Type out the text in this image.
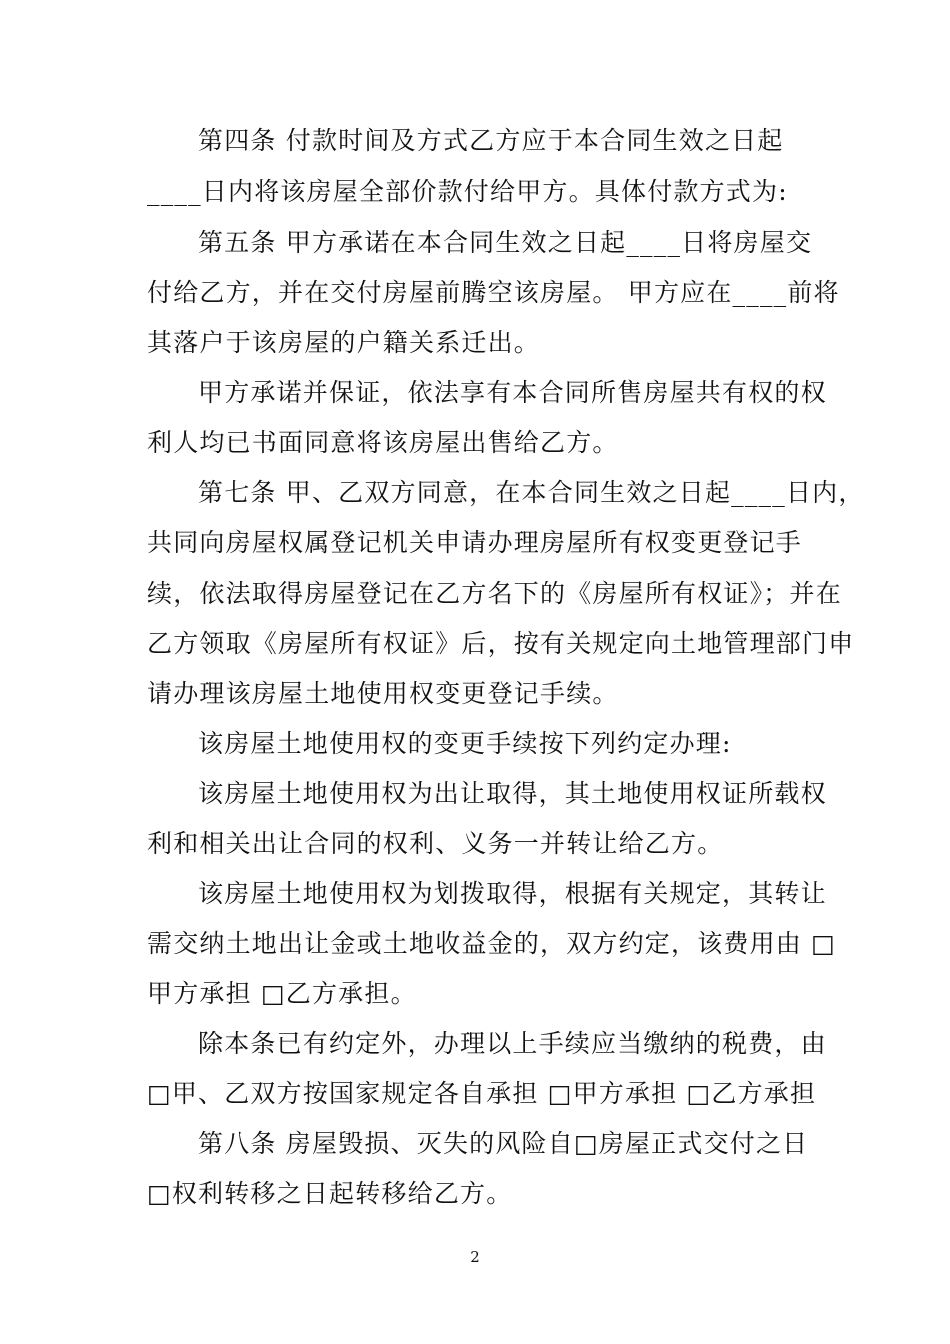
第四条 付款时间及方式乙方应于本合同生效之日起
____日内将该房屋全部价款付给甲方。具体付款方式为:
第五条 甲方承诺在本合同生效之日起____日将房屋交
付给乙方，并在交付房屋前腾空该房屋。 甲方应在____前将
其落户于该房屋的户籍关系迁出。
甲方承诺并保证，依法享有本合同所售房屋共有权的权
利人均已书面同意将该房屋出售给乙方。
第七条 甲、乙双方同意，在本合同生效之日起____日内，
共同向房屋权属登记机关申请办理房屋所有权变更登记手
续，依法取得房屋登记在乙方名下的《房屋所有权证》；并在
乙方领取《房屋所有权证》后，按有关规定向土地管理部门申
请办理该房屋土地使用权变更登记手续。
该房屋土地使用权的变更手续按下列约定办理:
该房屋土地使用权为出让取得，其土地使用权证所载权
利和相关出让合同的权利、义务一并转让给乙方。
该房屋土地使用权为划拨取得，根据有关规定，其转让
需交纳土地出让金或土地收益金的，双方约定，该费用由 □
甲方承担 □乙方承担。
除本条已有约定外，办理以上手续应当缴纳的税费，由
□甲、乙双方按国家规定各自承担 □甲方承担 □乙方承担
第八条 房屋毁损、灭失的风险自□房屋正式交付之日
□权利转移之日起转移给乙方。
2
